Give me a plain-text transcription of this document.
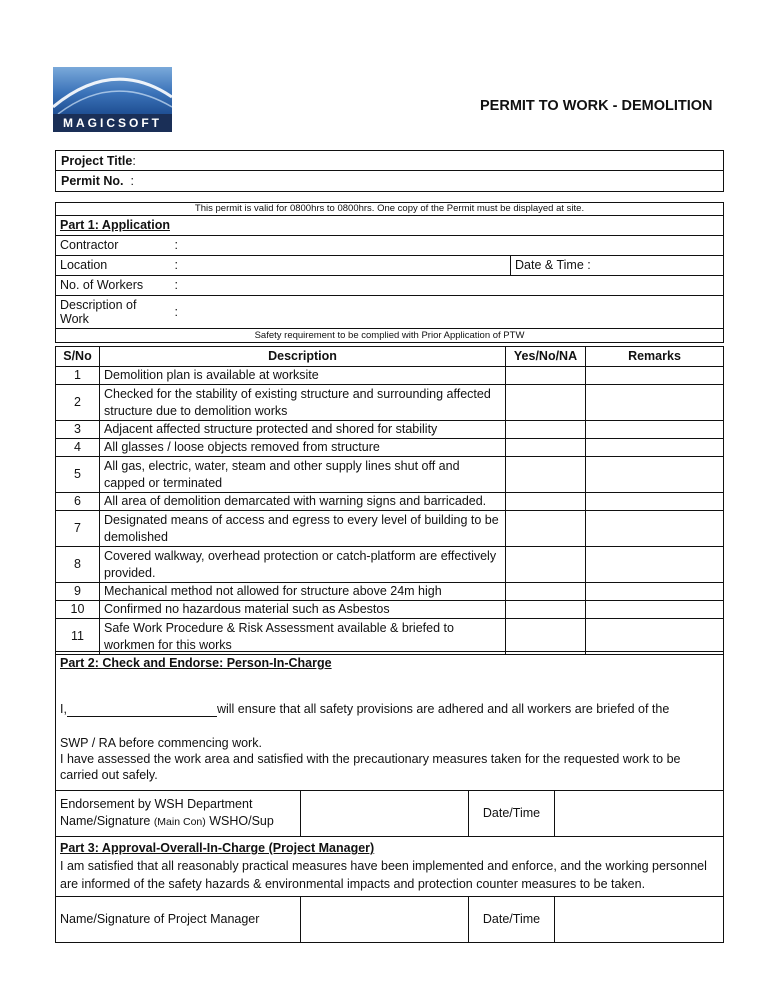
MAGICSOFT
PERMIT TO WORK - DEMOLITION
Project Title:
Permit No. :
This permit is valid for 0800hrs to 0800hrs. One copy of the Permit must be displayed at site.		
Part 1: Application		
Contractor	:	
Location	:	Date & Time :
No. of Workers	:	
Description of Work	:	
Safety requirement to be complied with Prior Application of PTW		
S/No	Description	Yes/No/NA	Remarks
1	Demolition plan is available at worksite		
2	Checked for the stability of existing structure and surrounding affected structure due to demolition works		
3	Adjacent affected structure protected and shored for stability		
4	All glasses / loose objects removed from structure		
5	All gas, electric, water, steam and other supply lines shut off and capped or terminated		
6	All area of demolition demarcated with warning signs and barricaded.		
7	Designated means of access and egress to every level of building to be demolished		
8	Covered walkway, overhead protection or catch-platform are effectively provided.		
9	Mechanical method not allowed for structure above 24m high		
10	Confirmed no hazardous material such as Asbestos		
11	Safe Work Procedure & Risk Assessment available & briefed to workmen for this works		
Part 2: Check and Endorse: Person-In-Charge
I, will ensure that all safety provisions are adhered and all workers are briefed of the
SWP / RA before commencing work.
I have assessed the work area and satisfied with the precautionary measures taken for the requested work to be carried out safely.			

Endorsement by WSH Department
Name/Signature (Main Con) WSHO/Sup		Date/Time	

Part 3: Approval-Overall-In-Charge (Project Manager)
I am satisfied that all reasonably practical measures have been implemented and enforce, and the working personnel are informed of the safety hazards & environmental impacts and protection counter measures to be taken.			

Name/Signature of Project Manager		Date/Time	
